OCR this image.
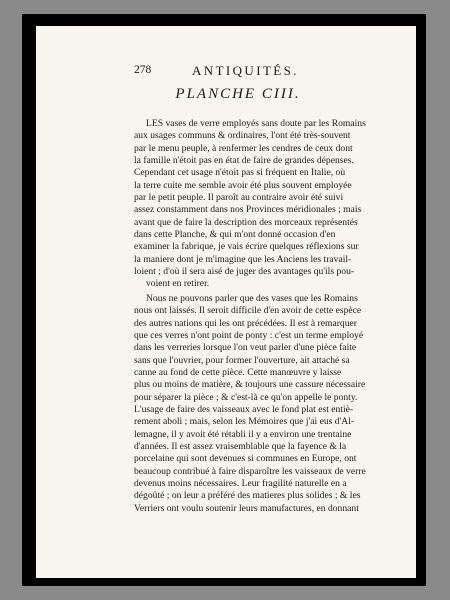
278	ANTIQUITÉS.
PLANCHE CIII.
LES vases de verre employés sans doute par les Romains
aux usages communs & ordinaires, l'ont été très-souvent
par le menu peuple, à renfermer les cendres de ceux dont
la famille n'étoit pas en état de faire de grandes dépenses.
Cependant cet usage n'étoit pas si fréquent en Italie, où
la terre cuite me semble avoir été plus souvent employée
par le petit peuple. Il paroît au contraire avoir été suivi
assez constamment dans nos Provinces méridionales ; mais
avant que de faire la description des morceaux représentés
dans cette Planche, & qui m'ont donné occasion d'en
examiner la fabrique, je vais écrire quelques réflexions sur
la maniere dont je m'imagine que les Anciens les travail-
loient ; d'où il sera aisé de juger des avantages qu'ils pou-
voient en retirer.
Nous ne pouvons parler que des vases que les Romains
nous ont laissés. Il seroit difficile d'en avoir de cette espèce
des autres nations qui les ont précédées. Il est à remarquer
que ces verres n'ont point de ponty : c'est un terme employé
dans les verreries lorsque l'on veut parler d'une pièce faite
sans que l'ouvrier, pour former l'ouverture, ait attaché sa
canne au fond de cette pièce. Cette manœuvre y laisse
plus ou moins de matière, & toujours une cassure nécessaire
pour séparer la pièce ; & c'est-là ce qu'on appelle le ponty.
L'usage de faire des vaisseaux avec le fond plat est entiè-
rement aboli ; mais, selon les Mémoires que j'ai eus d'Al-
lemagne, il y avoit été rétabli il y a environ une trentaine
d'années. Il est assez vraisemblable que la fayence & la
porcelaine qui sont devenues si communes en Europe, ont
beaucoup contribué à faire disparoître les vaisseaux de verre
devenus moins nécessaires. Leur fragilité naturelle en a
dégoûté ; on leur a préféré des matieres plus solides ; & les
Verriers ont voulu soutenir leurs manufactures, en donnant
